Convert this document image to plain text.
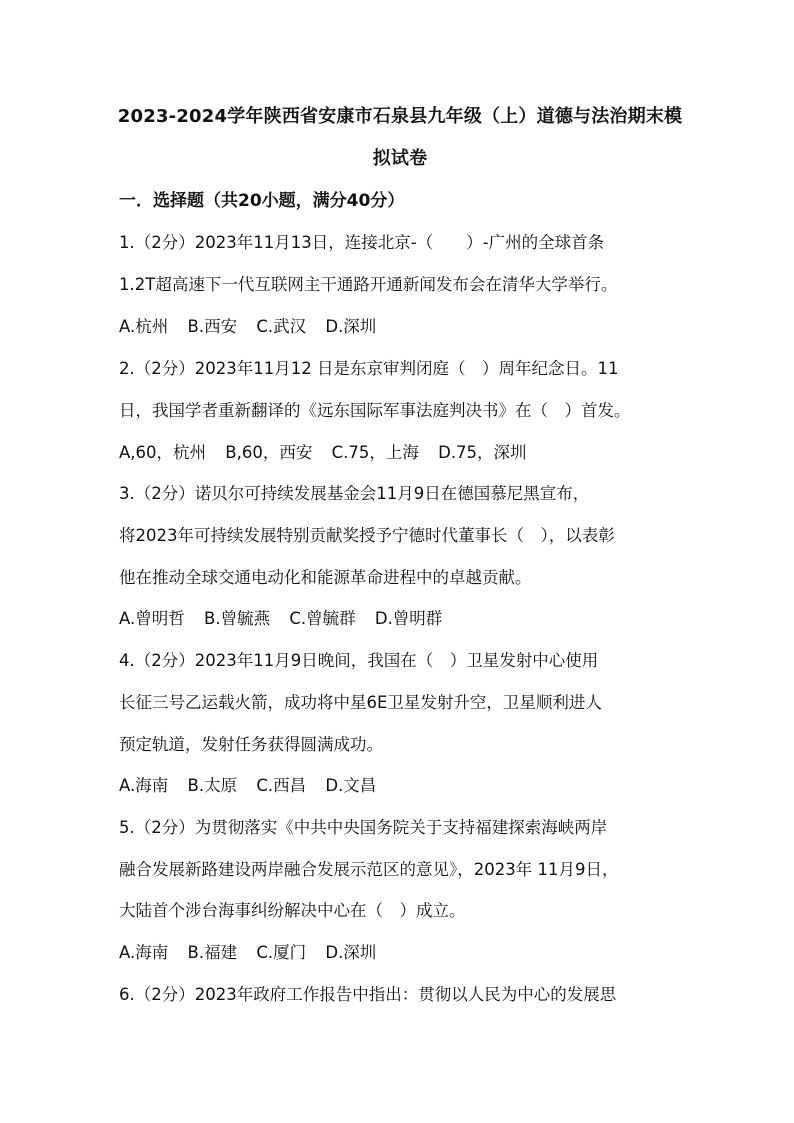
2023-2024学年陕西省安康市石泉县九年级（上）道德与法治期末模
拟试卷
一．选择题（共20小题，满分40分）
1.（2分）2023年11月13日，连接北京-（　　）-广州的全球首条
1.2T超高速下一代互联网主干通路开通新闻发布会在清华大学举行。
A.杭州 B.西安 C.武汉 D.深圳
2.（2分）2023年11月12 日是东京审判闭庭（　）周年纪念日。11
日，我国学者重新翻译的《远东国际军事法庭判决书》在（　）首发。
A,60，杭州 B,60，西安 C.75，上海 D.75，深圳
3.（2分）诺贝尔可持续发展基金会11月9日在德国慕尼黑宣布，
将2023年可持续发展特别贡献奖授予宁德时代董事长（　），以表彰
他在推动全球交通电动化和能源革命进程中的卓越贡献。
A.曾明哲 B.曾毓燕 C.曾毓群 D.曾明群
4.（2分）2023年11月9日晚间，我国在（　）卫星发射中心使用
长征三号乙运载火箭，成功将中星6E卫星发射升空，卫星顺利进人
预定轨道，发射任务获得圆满成功。
A.海南 B.太原 C.西昌 D.文昌
5.（2分）为贯彻落实《中共中央国务院关于支持福建探索海峡两岸
融合发展新路建设两岸融合发展示范区的意见》，2023年 11月9日，
大陆首个涉台海事纠纷解决中心在（　）成立。
A.海南 B.福建 C.厦门 D.深圳
6.（2分）2023年政府工作报告中指出：贯彻以人民为中心的发展思
